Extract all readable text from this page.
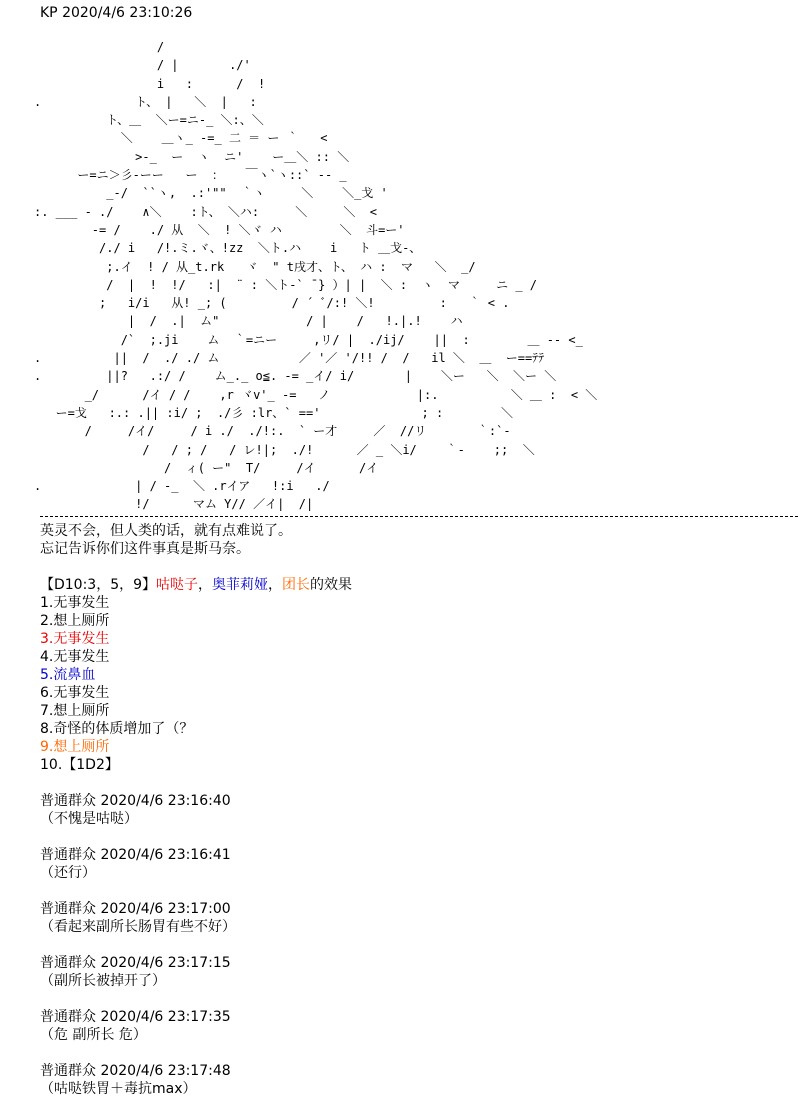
KP 2020/4/6 23:10:26
/
/ |       ./'
i   :      /  !
.             ト、 |   ＼  |   :
ト、＿  ＼ー=ニ-_ ＼:、＼
＼    ＿ヽ_ -=_ 二 ＝ ー ｀   <
>-_  ー  ヽ  ニ'    ー＿＼ :: ＼
ー=ニ＞彡-ーー   ー  ：   ￣ヽ`ヽ::` -- _
_-/  ``ヽ,  .:'""  ｀ヽ     ＼    ＼_戈 '
:. ___ - ./    ∧＼    :ト、 ＼ハ:     ＼     ＼  <
-= /    ./ 从  ＼  ! ＼ヾ ハ        ＼  斗=ー'
/./ i   /!.ミ.ヾ、!zz  ＼ト.ハ    i   ト ＿戈-、
;.イ  ! / 从_t.rk   ヾ  " t戌才、ト、 ハ :  マ   ＼  _/
/  |  !  !/   :|  ¨ : ＼ト-` ̄ } ）| |  ＼ :  ヽ  マ     ニ _ /
;   i/i   从! _; (         / ´ ﾞ/:! ＼!         :   ｀ < .
|  /  .|  ム"            / |    /   !.|.!    ハ
/`  ;.ji    ム  ｀=ニー     ,リ/ |  ./ij/    ||  :        ＿ -- <_
.          ||  /  ./ ./ ム           ／ '／ '/!! /  /   il ＼  ＿  ー==ﾃﾃ
.         ||?   .:/ /    ム_._ o≦. -= _イ/ i/       |    ＼ー   ＼  ＼ー ＼
_/      /イ / /    ,r ヾv'_ -=   ノ            |:.          ＼ ＿ :  < ＼
ー=戈   :.: .|| :i/ ;  ./彡 :lr、` =='              ; :        ＼
/     /イ/     / i ./  ./!:.  ` ー才     ／  //リ       ｀:`-
/   / ; /   / レ!|;  ./!      ／ _ ＼i/    ｀-    ;;  ＼
/  ィ( ー"  T/     /イ      /イ
.             | / -_  ＼ .rイア   !:i   ./
!/      マム Y// ／イ|  /|
英灵不会，但人类的话，就有点难说了。
忘记告诉你们这件事真是斯马奈。
【D10:3，5，9】咕哒子，奥菲莉娅，团长的效果
1.无事发生
2.想上厕所
3.无事发生
4.无事发生
5.流鼻血
6.无事发生
7.想上厕所
8.奇怪的体质增加了（？
9.想上厕所
10.【1D2】
普通群众 2020/4/6 23:16:40
（不愧是咕哒）
普通群众 2020/4/6 23:16:41
（还行）
普通群众 2020/4/6 23:17:00
（看起来副所长肠胃有些不好）
普通群众 2020/4/6 23:17:15
（副所长被掉开了）
普通群众 2020/4/6 23:17:35
（危 副所长 危）
普通群众 2020/4/6 23:17:48
（咕哒铁胃＋毒抗max）
